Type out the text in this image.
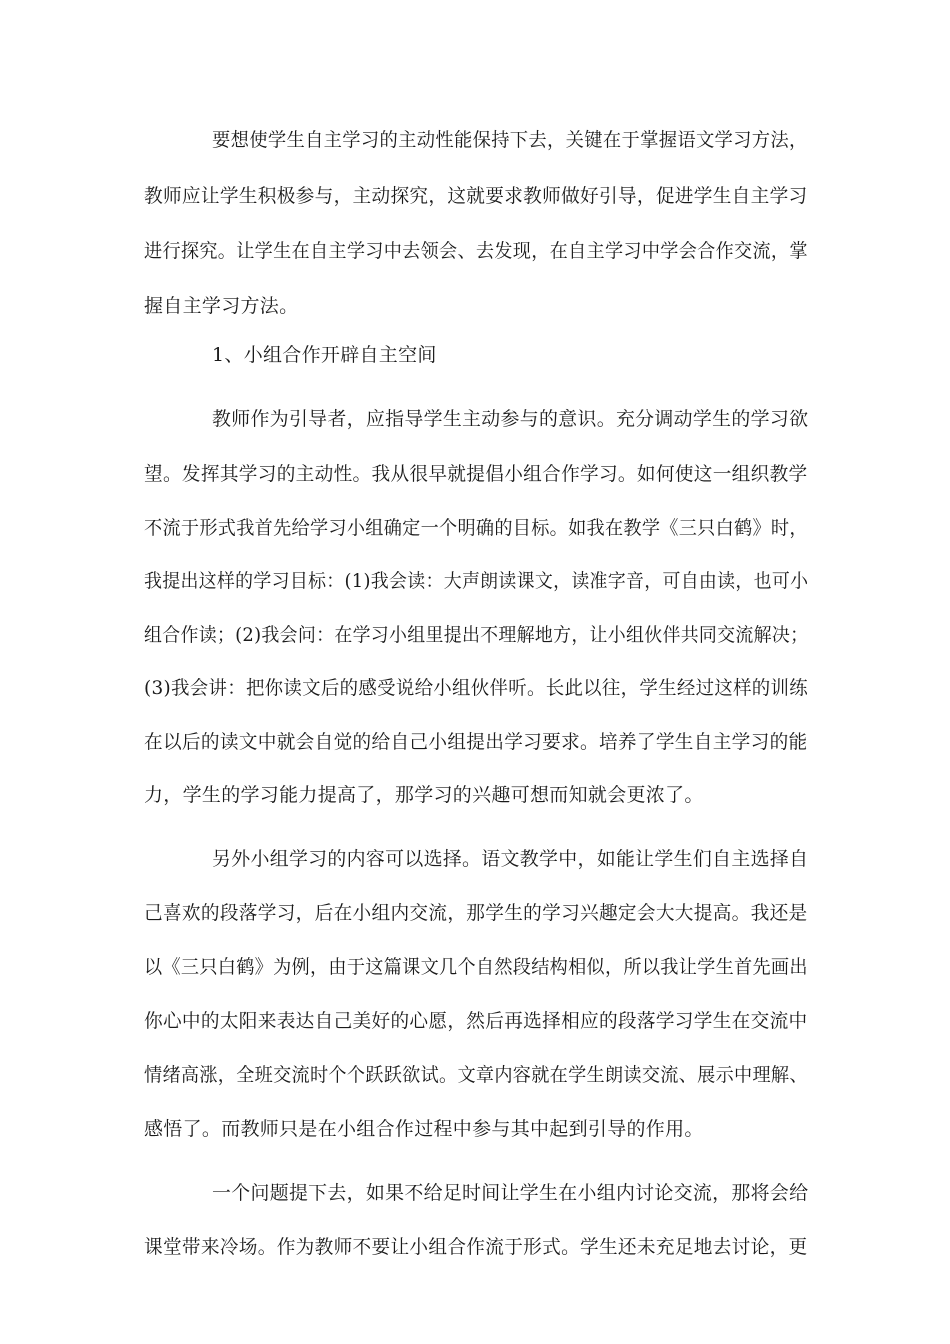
要想使学生自主学习的主动性能保持下去，关键在于掌握语文学习方法，
教师应让学生积极参与，主动探究，这就要求教师做好引导，促进学生自主学习
进行探究。让学生在自主学习中去领会、去发现，在自主学习中学会合作交流，掌
握自主学习方法。
1、小组合作开辟自主空间
教师作为引导者，应指导学生主动参与的意识。充分调动学生的学习欲
望。发挥其学习的主动性。我从很早就提倡小组合作学习。如何使这一组织教学
不流于形式我首先给学习小组确定一个明确的目标。如我在教学《三只白鹤》时，
我提出这样的学习目标：(1)我会读：大声朗读课文，读准字音，可自由读，也可小
组合作读；(2)我会问：在学习小组里提出不理解地方，让小组伙伴共同交流解决；
(3)我会讲：把你读文后的感受说给小组伙伴听。长此以往，学生经过这样的训练
在以后的读文中就会自觉的给自己小组提出学习要求。培养了学生自主学习的能
力，学生的学习能力提高了，那学习的兴趣可想而知就会更浓了。
另外小组学习的内容可以选择。语文教学中，如能让学生们自主选择自
己喜欢的段落学习，后在小组内交流，那学生的学习兴趣定会大大提高。我还是
以《三只白鹤》为例，由于这篇课文几个自然段结构相似，所以我让学生首先画出
你心中的太阳来表达自己美好的心愿，然后再选择相应的段落学习学生在交流中
情绪高涨，全班交流时个个跃跃欲试。文章内容就在学生朗读交流、展示中理解、
感悟了。而教师只是在小组合作过程中参与其中起到引导的作用。
一个问题提下去，如果不给足时间让学生在小组内讨论交流，那将会给
课堂带来冷场。作为教师不要让小组合作流于形式。学生还未充足地去讨论，更
